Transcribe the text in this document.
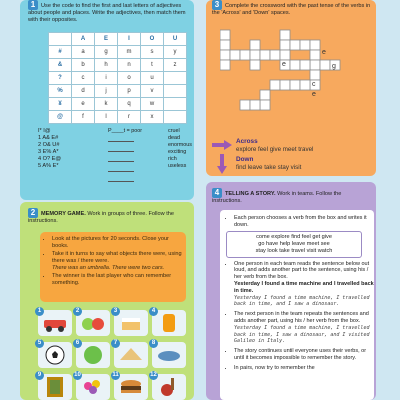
1 Use the code to find the first and last letters of adjectives about people and places. Write the adjectives, then match them with their opposites.
	A	E	I	O	U
#	a	g	m	s	y
&	b	h	n	t	z
?	c	i	o	u	
%	d	j	p	v	
¥	e	k	q	w	
@	f	l	r	x	
I* I@
1 A& E#
2 O& U#
3 E% A*
4 O? E@
5 A% E*
P____t = poor	cruel
dead
enormous
exciting
rich
useless
2 MEMORY GAME. Work in groups of three. Follow the instructions.
• Look at the pictures for 20 seconds. Close your books.
• Take it in turns to say what objects there were, using there was / there were.
There was an umbrella. There were two cars.
• The winner is the last player who can remember something.
1	2	3	4
5	6	7	8
9	10	11	12
3 Complete the crossword with the past tense of the verbs in the 'Across' and 'Down' spaces.
e
e	g
c
e
Across
explore feel give meet travel
Down
find leave take stay visit
4 TELLING A STORY. Work in teams. Follow the instructions.
• Each person chooses a verb from the box and writes it down.
come explore find feel get give
go have help leave meet see
stay look take travel visit watch
• One person in each team reads the sentence below out loud, and adds another part to the sentence, using his / her verb from the box.
Yesterday I found a time machine and I travelled back in time.
Yesterday I found a time machine, I travelled back in time, and I saw a dinosaur.
• The next person in the team repeats the sentences and adds another part, using his / her verb from the box.
Yesterday I found a time machine, I travelled back in time, I saw a dinosaur, and I visited Galileo in Italy.
• The story continues until everyone uses their verbs, or until it becomes impossible to remember the story.
• In pairs, now try to remember the
